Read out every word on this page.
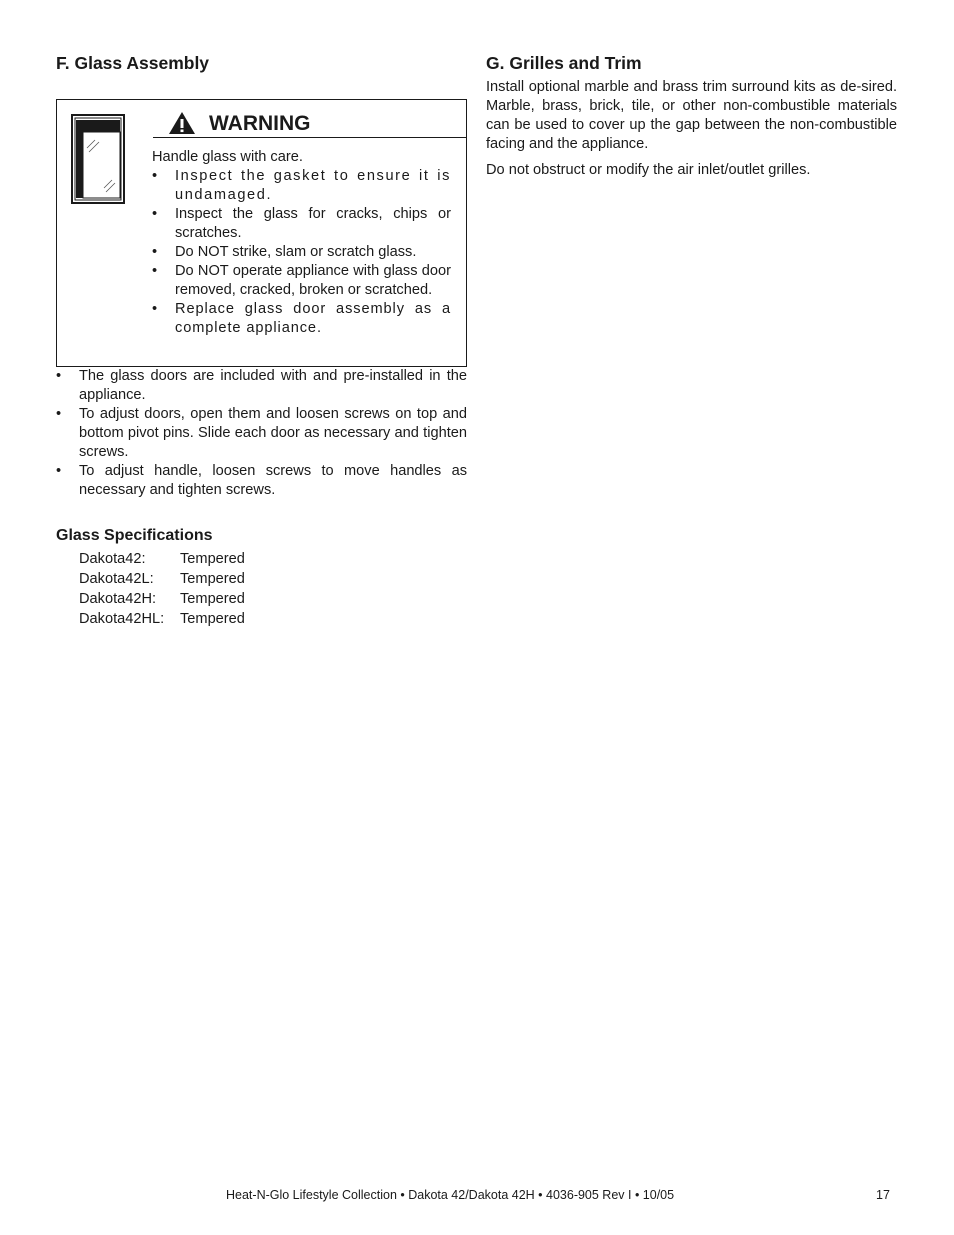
F. Glass Assembly
WARNING

Handle glass with care.

• Inspect the gasket to ensure it is undamaged.
• Inspect the glass for cracks, chips or scratches.
• Do NOT strike, slam or scratch glass.
• Do NOT operate appliance with glass door removed, cracked, broken or scratched.
• Replace glass door assembly as a complete appliance.
• The glass doors are included with and pre-installed in the appliance.
• To adjust doors, open them and loosen screws on top and bottom pivot pins. Slide each door as necessary and tighten screws.
• To adjust handle, loosen screws to move handles as necessary and tighten screws.
Glass Specifications
Dakota42:	Tempered
Dakota42L:	Tempered
Dakota42H:	Tempered
Dakota42HL:	Tempered
G. Grilles and Trim

Install optional marble and brass trim surround kits as de-sired. Marble, brass, brick, tile, or other non-combustible materials can be used to cover up the gap between the non-combustible facing and the appliance.

Do not obstruct or modify the air inlet/outlet grilles.

Heat-N-Glo Lifestyle Collection • Dakota 42/Dakota 42H • 4036-905 Rev I • 10/05	17
